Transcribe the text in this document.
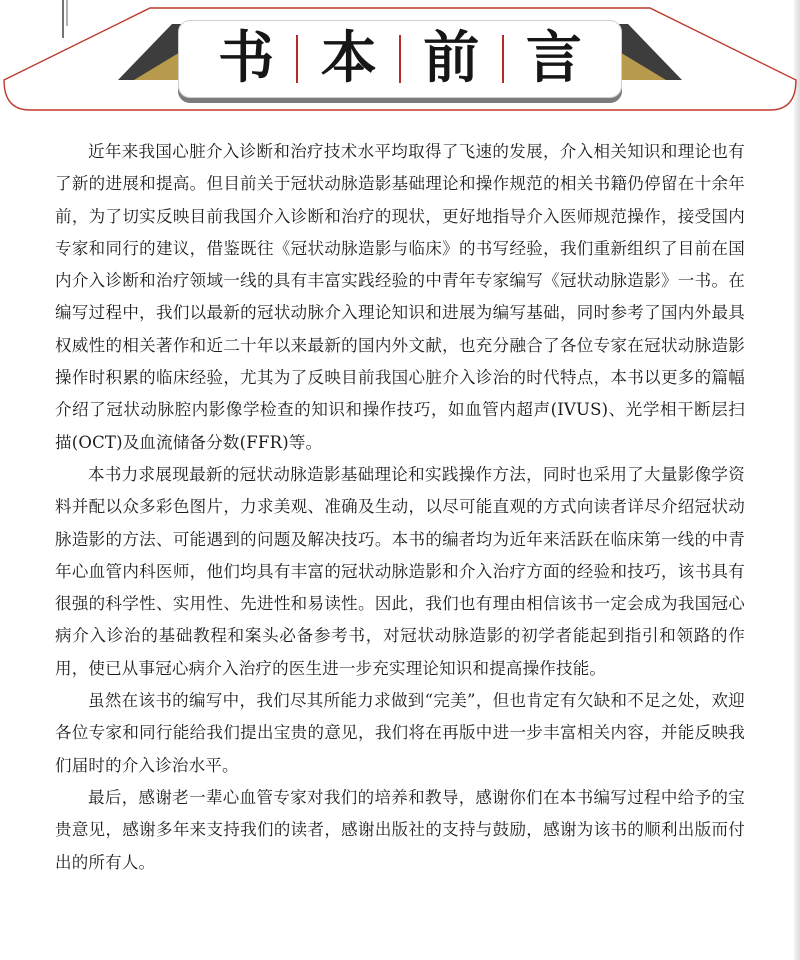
书 本 前 言

近年来我国心脏介入诊断和治疗技术水平均取得了飞速的发展，介入相关知识和理论也有了新的进展和提高。但目前关于冠状动脉造影基础理论和操作规范的相关书籍仍停留在十余年前，为了切实反映目前我国介入诊断和治疗的现状，更好地指导介入医师规范操作，接受国内专家和同行的建议，借鉴既往《冠状动脉造影与临床》的书写经验，我们重新组织了目前在国内介入诊断和治疗领域一线的具有丰富实践经验的中青年专家编写《冠状动脉造影》一书。在编写过程中，我们以最新的冠状动脉介入理论知识和进展为编写基础，同时参考了国内外最具权威性的相关著作和近二十年以来最新的国内外文献，也充分融合了各位专家在冠状动脉造影操作时积累的临床经验，尤其为了反映目前我国心脏介入诊治的时代特点，本书以更多的篇幅介绍了冠状动脉腔内影像学检查的知识和操作技巧，如血管内超声(IVUS)、光学相干断层扫描(OCT)及血流储备分数(FFR)等。

本书力求展现最新的冠状动脉造影基础理论和实践操作方法，同时也采用了大量影像学资料并配以众多彩色图片，力求美观、准确及生动，以尽可能直观的方式向读者详尽介绍冠状动脉造影的方法、可能遇到的问题及解决技巧。本书的编者均为近年来活跃在临床第一线的中青年心血管内科医师，他们均具有丰富的冠状动脉造影和介入治疗方面的经验和技巧，该书具有很强的科学性、实用性、先进性和易读性。因此，我们也有理由相信该书一定会成为我国冠心病介入诊治的基础教程和案头必备参考书，对冠状动脉造影的初学者能起到指引和领路的作用，使已从事冠心病介入治疗的医生进一步充实理论知识和提高操作技能。

虽然在该书的编写中，我们尽其所能力求做到“完美”，但也肯定有欠缺和不足之处，欢迎各位专家和同行能给我们提出宝贵的意见，我们将在再版中进一步丰富相关内容，并能反映我们届时的介入诊治水平。

最后，感谢老一辈心血管专家对我们的培养和教导，感谢你们在本书编写过程中给予的宝贵意见，感谢多年来支持我们的读者，感谢出版社的支持与鼓励，感谢为该书的顺利出版而付出的所有人。
